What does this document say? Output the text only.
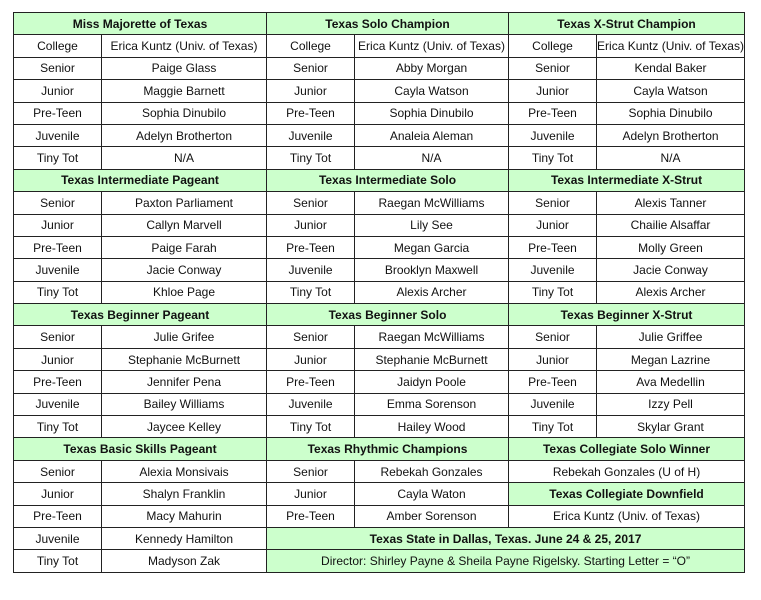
Miss Majorette of Texas		Texas Solo Champion		Texas X-Strut Champion	
College	Erica Kuntz (Univ. of Texas)	College	Erica Kuntz (Univ. of Texas)	College	Erica Kuntz (Univ. of Texas)
Senior	Paige Glass	Senior	Abby Morgan	Senior	Kendal Baker
Junior	Maggie Barnett	Junior	Cayla Watson	Junior	Cayla Watson
Pre-Teen	Sophia Dinubilo	Pre-Teen	Sophia Dinubilo	Pre-Teen	Sophia Dinubilo
Juvenile	Adelyn Brotherton	Juvenile	Analeia Aleman	Juvenile	Adelyn Brotherton
Tiny Tot	N/A	Tiny Tot	N/A	Tiny Tot	N/A
Texas Intermediate Pageant		Texas Intermediate Solo		Texas Intermediate X-Strut	
Senior	Paxton Parliament	Senior	Raegan McWilliams	Senior	Alexis Tanner
Junior	Callyn Marvell	Junior	Lily See	Junior	Chailie Alsaffar
Pre-Teen	Paige Farah	Pre-Teen	Megan Garcia	Pre-Teen	Molly Green
Juvenile	Jacie Conway	Juvenile	Brooklyn Maxwell	Juvenile	Jacie Conway
Tiny Tot	Khloe Page	Tiny Tot	Alexis Archer	Tiny Tot	Alexis Archer
Texas Beginner Pageant		Texas Beginner Solo		Texas Beginner X-Strut	
Senior	Julie Grifee	Senior	Raegan McWilliams	Senior	Julie Griffee
Junior	Stephanie McBurnett	Junior	Stephanie McBurnett	Junior	Megan Lazrine
Pre-Teen	Jennifer Pena	Pre-Teen	Jaidyn Poole	Pre-Teen	Ava Medellin
Juvenile	Bailey Williams	Juvenile	Emma Sorenson	Juvenile	Izzy Pell
Tiny Tot	Jaycee Kelley	Tiny Tot	Hailey Wood	Tiny Tot	Skylar Grant
Texas Basic Skills Pageant		Texas Rhythmic Champions		Texas Collegiate Solo Winner	
Senior	Alexia Monsivais	Senior	Rebekah Gonzales	Rebekah Gonzales (U of H)	
Junior	Shalyn Franklin	Junior	Cayla Waton	Texas Collegiate Downfield	
Pre-Teen	Macy Mahurin	Pre-Teen	Amber Sorenson	Erica Kuntz (Univ. of Texas)	
Juvenile	Kennedy Hamilton	Texas State in Dallas, Texas. June 24 & 25, 2017			
Tiny Tot	Madyson Zak	Director: Shirley Payne & Sheila Payne Rigelsky. Starting Letter = “O”			
